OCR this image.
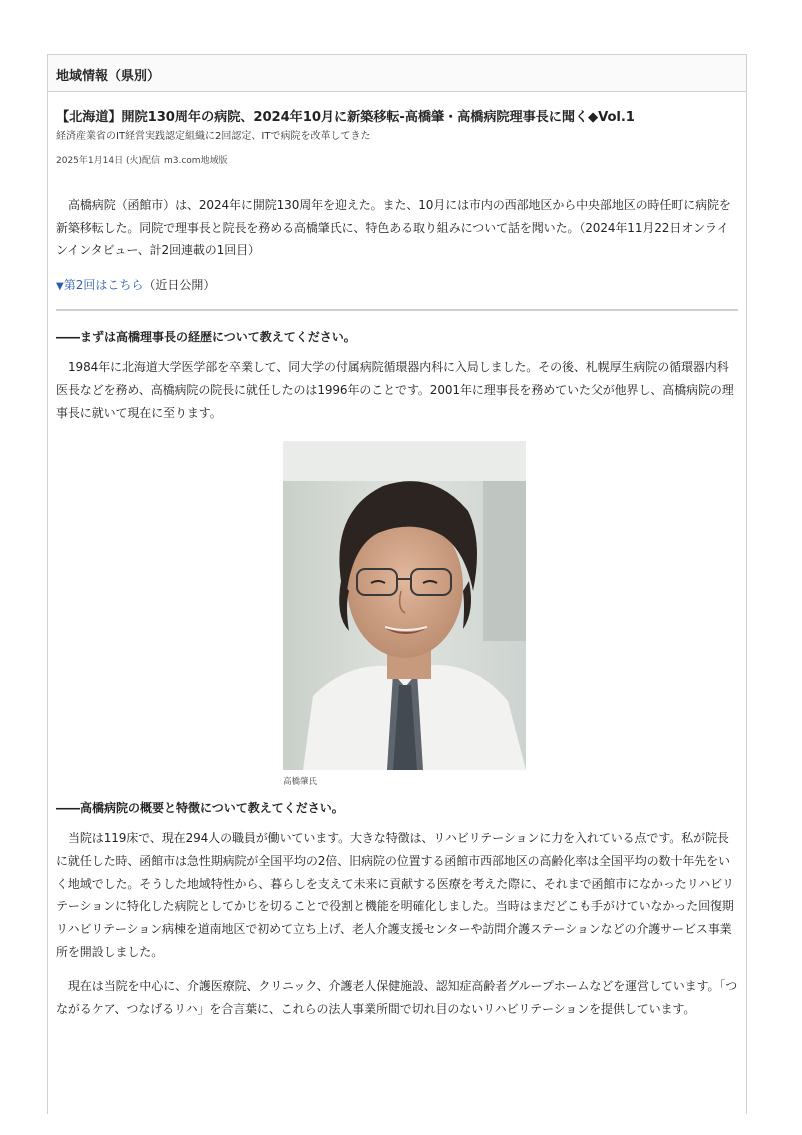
地域情報（県別）
【北海道】開院130周年の病院、2024年10月に新築移転-高橋肇・高橋病院理事長に聞く◆Vol.1
経済産業省のIT経営実践認定組織に2回認定、ITで病院を改革してきた
2025年1月14日 (火)配信 m3.com地域版

高橋病院（函館市）は、2024年に開院130周年を迎えた。また、10月には市内の西部地区から中央部地区の時任町に病院を新築移転した。同院で理事長と院長を務める高橋肇氏に、特色ある取り組みについて話を聞いた。（2024年11月22日オンラインインタビュー、計2回連載の1回目）

▼第2回はこちら（近日公開）
――まずは高橋理事長の経歴について教えてください。

1984年に北海道大学医学部を卒業して、同大学の付属病院循環器内科に入局しました。その後、札幌厚生病院の循環器内科医長などを務め、高橋病院の院長に就任したのは1996年のことです。2001年に理事長を務めていた父が他界し、高橋病院の理事長に就いて現在に至ります。

高橋肇氏
――高橋病院の概要と特徴について教えてください。

当院は119床で、現在294人の職員が働いています。大きな特徴は、リハビリテーションに力を入れている点です。私が院長に就任した時、函館市は急性期病院が全国平均の2倍、旧病院の位置する函館市西部地区の高齢化率は全国平均の数十年先をいく地域でした。そうした地域特性から、暮らしを支えて未来に貢献する医療を考えた際に、それまで函館市になかったリハビリテーションに特化した病院としてかじを切ることで役割と機能を明確化しました。当時はまだどこも手がけていなかった回復期リハビリテーション病棟を道南地区で初めて立ち上げ、老人介護支援センターや訪問介護ステーションなどの介護サービス事業所を開設しました。

現在は当院を中心に、介護医療院、クリニック、介護老人保健施設、認知症高齢者グループホームなどを運営しています。「つながるケア、つなげるリハ」を合言葉に、これらの法人事業所間で切れ目のないリハビリテーションを提供しています。
